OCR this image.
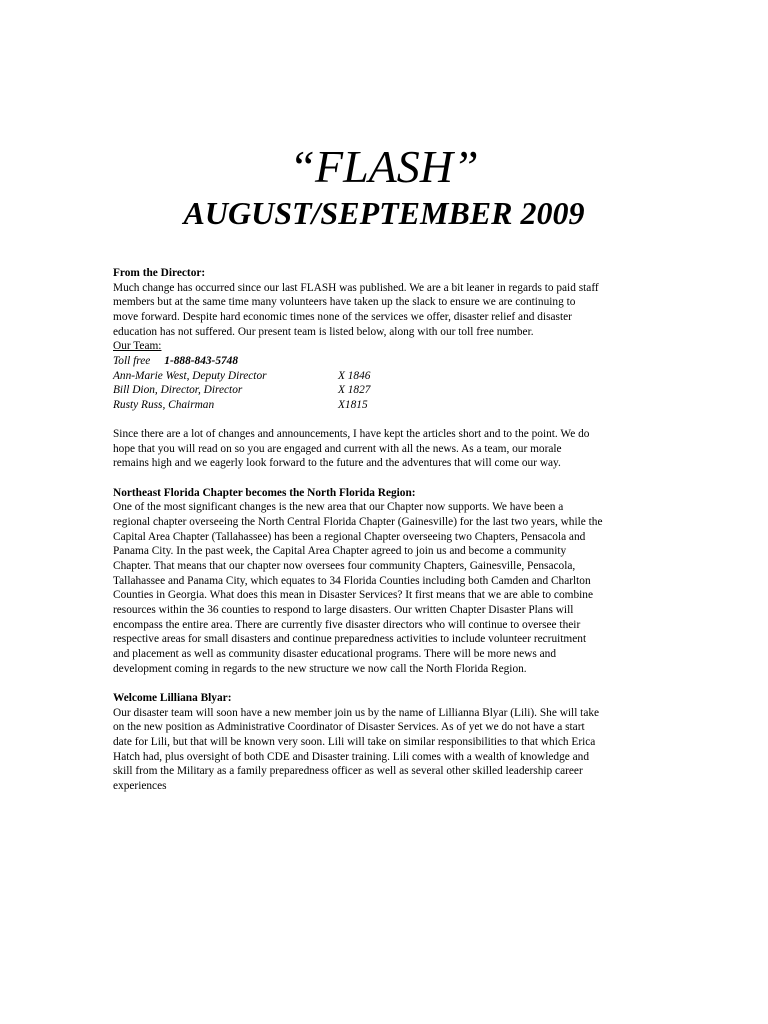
“FLASH”
AUGUST/SEPTEMBER 2009

From the Director:

Much change has occurred since our last FLASH was published. We are a bit leaner in regards to paid staff

members but at the same time many volunteers have taken up the slack to ensure we are continuing to

move forward. Despite hard economic times none of the services we offer, disaster relief and disaster

education has not suffered. Our present team is listed below, along with our toll free number.

Our Team:

Toll free 1-888-843-5748
Ann-Marie West, Deputy Director	X 1846
Bill Dion, Director, Director	X 1827
Rusty Russ, Chairman	X1815

Since there are a lot of changes and announcements, I have kept the articles short and to the point. We do

hope that you will read on so you are engaged and current with all the news. As a team, our morale

remains high and we eagerly look forward to the future and the adventures that will come our way.

Northeast Florida Chapter becomes the North Florida Region:

One of the most significant changes is the new area that our Chapter now supports. We have been a

regional chapter overseeing the North Central Florida Chapter (Gainesville) for the last two years, while the

Capital Area Chapter (Tallahassee) has been a regional Chapter overseeing two Chapters, Pensacola and

Panama City. In the past week, the Capital Area Chapter agreed to join us and become a community

Chapter. That means that our chapter now oversees four community Chapters, Gainesville, Pensacola,

Tallahassee and Panama City, which equates to 34 Florida Counties including both Camden and Charlton

Counties in Georgia. What does this mean in Disaster Services? It first means that we are able to combine

resources within the 36 counties to respond to large disasters. Our written Chapter Disaster Plans will

encompass the entire area. There are currently five disaster directors who will continue to oversee their

respective areas for small disasters and continue preparedness activities to include volunteer recruitment

and placement as well as community disaster educational programs. There will be more news and

development coming in regards to the new structure we now call the North Florida Region.

Welcome Lilliana Blyar:

Our disaster team will soon have a new member join us by the name of Lillianna Blyar (Lili). She will take

on the new position as Administrative Coordinator of Disaster Services. As of yet we do not have a start

date for Lili, but that will be known very soon. Lili will take on similar responsibilities to that which Erica

Hatch had, plus oversight of both CDE and Disaster training. Lili comes with a wealth of knowledge and

skill from the Military as a family preparedness officer as well as several other skilled leadership career

experiences
